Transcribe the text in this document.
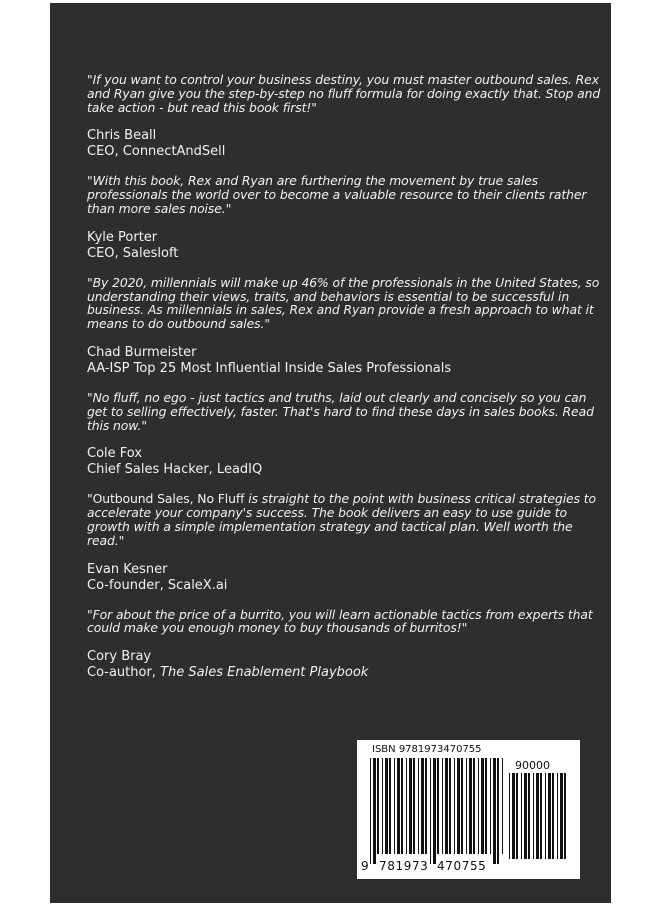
"If you want to control your business destiny, you must master outbound sales. Rex and Ryan give you the step-by-step no fluff formula for doing exactly that. Stop and take action - but read this book first!"

Chris Beall
CEO, ConnectAndSell

"With this book, Rex and Ryan are furthering the movement by true sales professionals the world over to become a valuable resource to their clients rather than more sales noise."

Kyle Porter
CEO, Salesloft

"By 2020, millennials will make up 46% of the professionals in the United States, so understanding their views, traits, and behaviors is essential to be successful in business. As millennials in sales, Rex and Ryan provide a fresh approach to what it means to do outbound sales."

Chad Burmeister
AA-ISP Top 25 Most Influential Inside Sales Professionals

"No fluff, no ego - just tactics and truths, laid out clearly and concisely so you can get to selling effectively, faster. That's hard to find these days in sales books. Read this now."

Cole Fox
Chief Sales Hacker, LeadIQ

"Outbound Sales, No Fluff is straight to the point with business critical strategies to accelerate your company's success. The book delivers an easy to use guide to growth with a simple implementation strategy and tactical plan. Well worth the read."

Evan Kesner
Co-founder, ScaleX.ai

"For about the price of a burrito, you will learn actionable tactics from experts that could make you enough money to buy thousands of burritos!"

Cory Bray
Co-author, The Sales Enablement Playbook
ISBN 9781973470755
90000
9 781973 470755
